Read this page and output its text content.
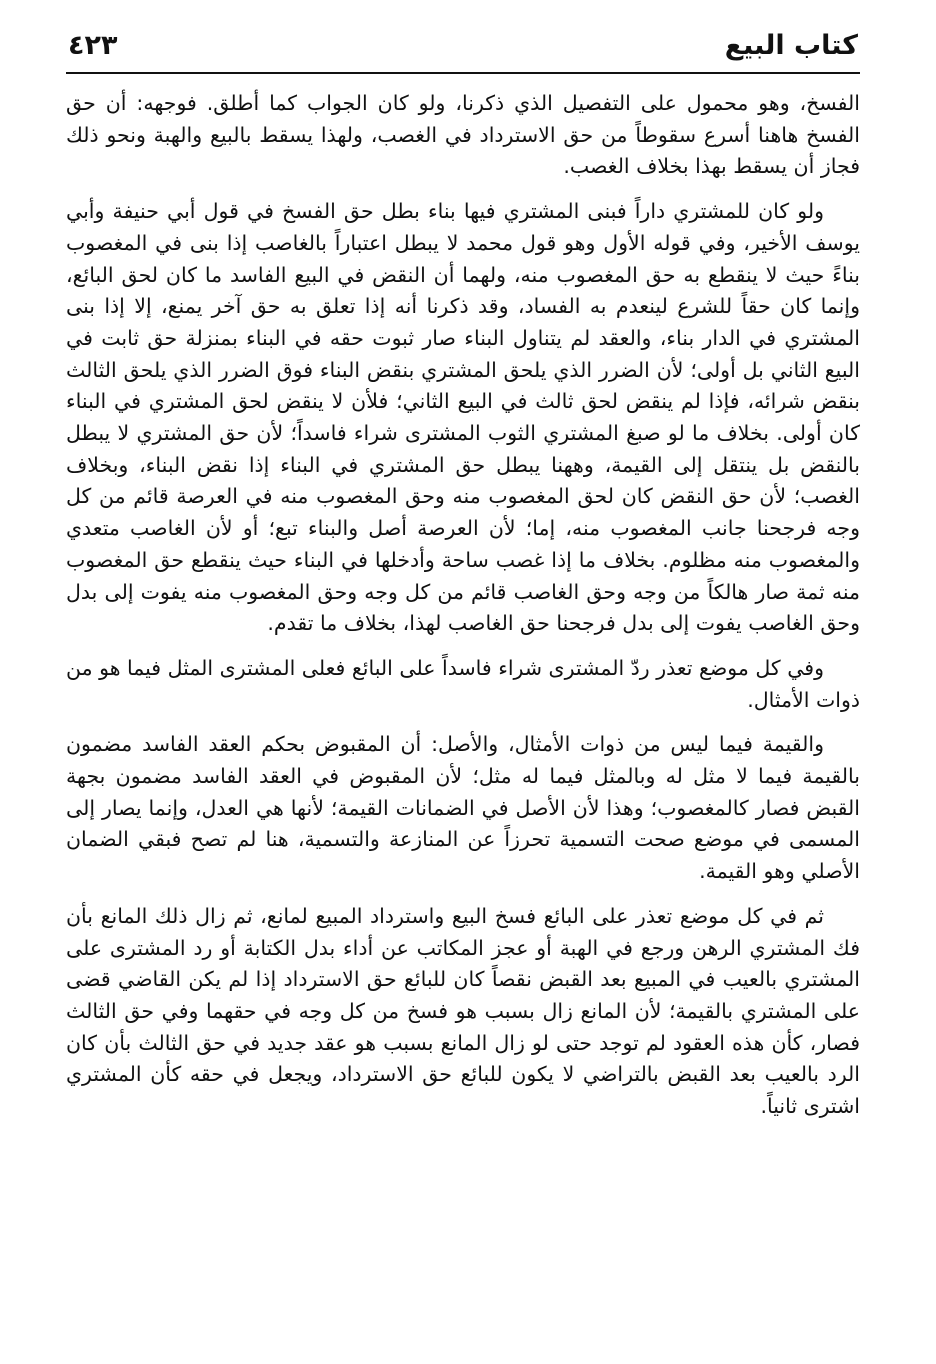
كتاب البيع
٤٢٣

الفسخ، وهو محمول على التفصيل الذي ذكرنا، ولو كان الجواب كما أطلق. فوجهه: أن حق الفسخ هاهنا أسرع سقوطاً من حق الاسترداد في الغصب، ولهذا يسقط بالبيع والهبة ونحو ذلك فجاز أن يسقط بهذا بخلاف الغصب.

ولو كان للمشتري داراً فبنى المشتري فيها بناء بطل حق الفسخ في قول أبي حنيفة وأبي يوسف الأخير، وفي قوله الأول وهو قول محمد لا يبطل اعتباراً بالغاصب إذا بنى في المغصوب بناءً حيث لا ينقطع به حق المغصوب منه، ولهما أن النقض في البيع الفاسد ما كان لحق البائع، وإنما كان حقاً للشرع لينعدم به الفساد، وقد ذكرنا أنه إذا تعلق به حق آخر يمنع، إلا إذا بنى المشتري في الدار بناء، والعقد لم يتناول البناء صار ثبوت حقه في البناء بمنزلة حق ثابت في البيع الثاني بل أولى؛ لأن الضرر الذي يلحق المشتري بنقض البناء فوق الضرر الذي يلحق الثالث بنقض شرائه، فإذا لم ينقض لحق ثالث في البيع الثاني؛ فلأن لا ينقض لحق المشتري في البناء كان أولى. بخلاف ما لو صبغ المشتري الثوب المشترى شراء فاسداً؛ لأن حق المشتري لا يبطل بالنقض بل ينتقل إلى القيمة، وههنا يبطل حق المشتري في البناء إذا نقض البناء، وبخلاف الغصب؛ لأن حق النقض كان لحق المغصوب منه وحق المغصوب منه في العرصة قائم من كل وجه فرجحنا جانب المغصوب منه، إما؛ لأن العرصة أصل والبناء تبع؛ أو لأن الغاصب متعدي والمغصوب منه مظلوم. بخلاف ما إذا غصب ساحة وأدخلها في البناء حيث ينقطع حق المغصوب منه ثمة صار هالكاً من وجه وحق الغاصب قائم من كل وجه وحق المغصوب منه يفوت إلى بدل وحق الغاصب يفوت إلى بدل فرجحنا حق الغاصب لهذا، بخلاف ما تقدم.

وفي كل موضع تعذر ردّ المشترى شراء فاسداً على البائع فعلى المشترى المثل فيما هو من ذوات الأمثال.

والقيمة فيما ليس من ذوات الأمثال، والأصل: أن المقبوض بحكم العقد الفاسد مضمون بالقيمة فيما لا مثل له وبالمثل فيما له مثل؛ لأن المقبوض في العقد الفاسد مضمون بجهة القبض فصار كالمغصوب؛ وهذا لأن الأصل في الضمانات القيمة؛ لأنها هي العدل، وإنما يصار إلى المسمى في موضع صحت التسمية تحرزاً عن المنازعة والتسمية، هنا لم تصح فبقي الضمان الأصلي وهو القيمة.

ثم في كل موضع تعذر على البائع فسخ البيع واسترداد المبيع لمانع، ثم زال ذلك المانع بأن فك المشتري الرهن ورجع في الهبة أو عجز المكاتب عن أداء بدل الكتابة أو رد المشترى على المشتري بالعيب في المبيع بعد القبض نقصاً كان للبائع حق الاسترداد إذا لم يكن القاضي قضى على المشتري بالقيمة؛ لأن المانع زال بسبب هو فسخ من كل وجه في حقهما وفي حق الثالث فصار، كأن هذه العقود لم توجد حتى لو زال المانع بسبب هو عقد جديد في حق الثالث بأن كان الرد بالعيب بعد القبض بالتراضي لا يكون للبائع حق الاسترداد، ويجعل في حقه كأن المشتري اشترى ثانياً.
